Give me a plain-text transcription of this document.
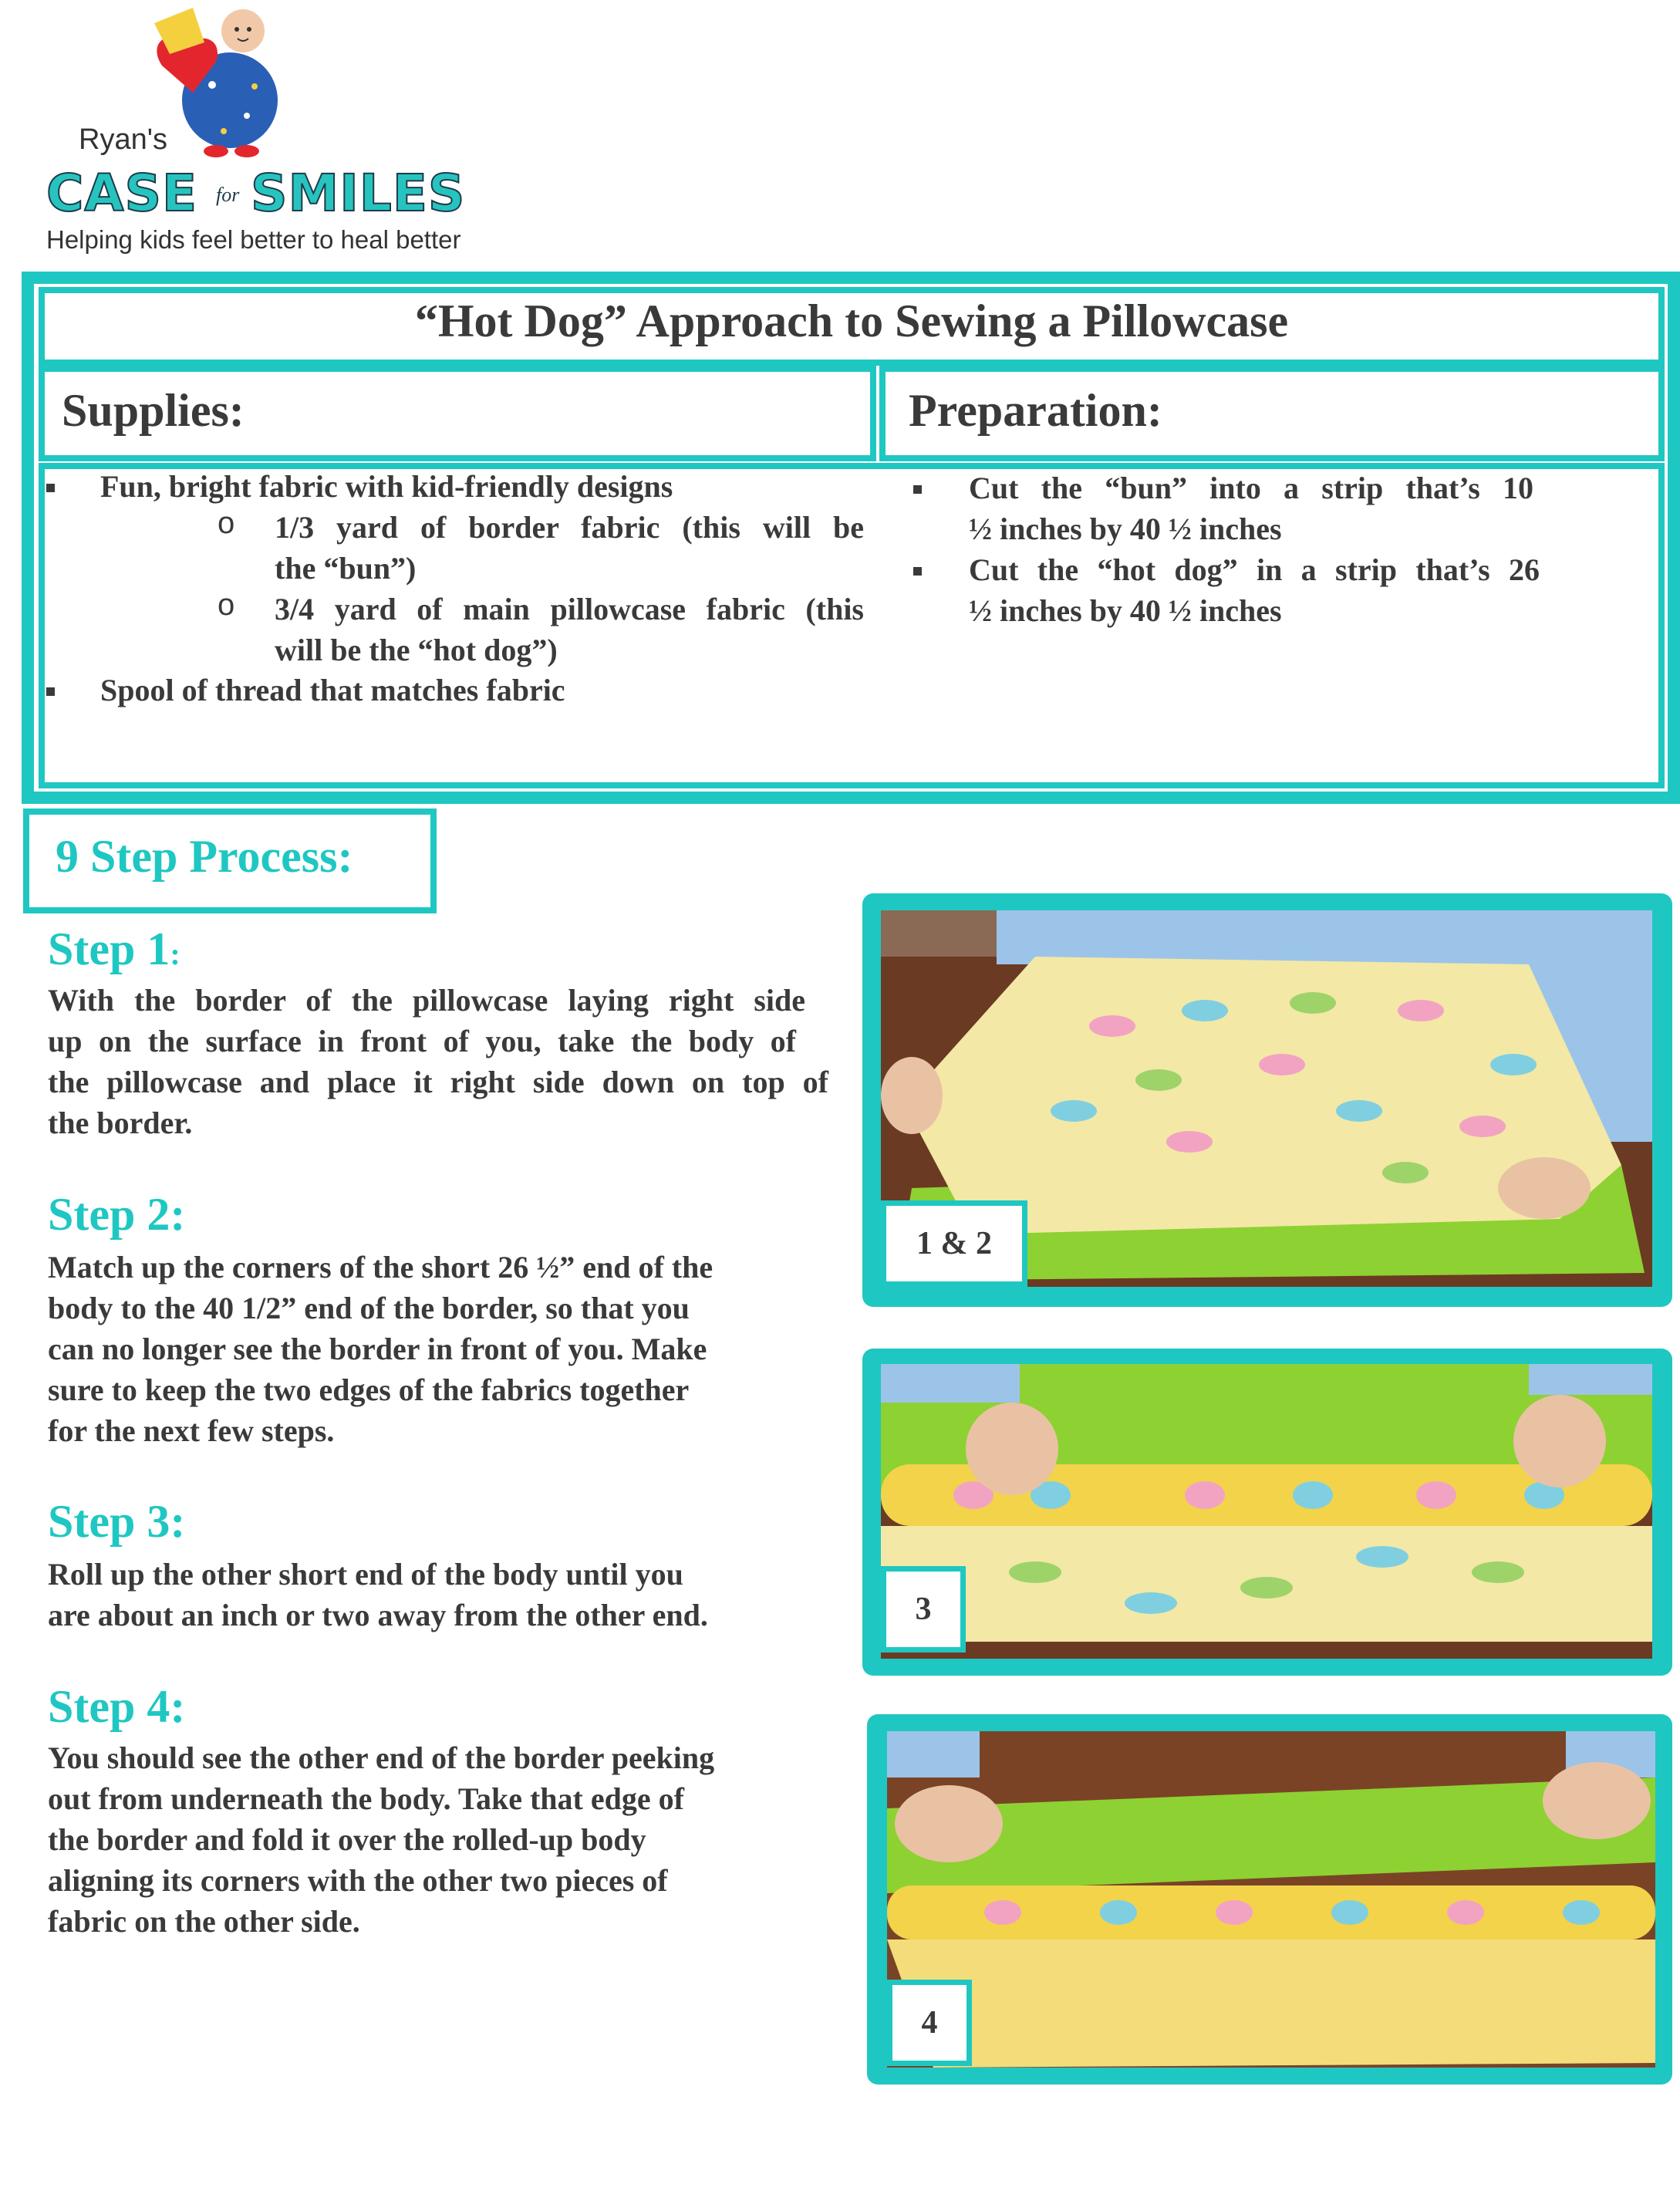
Ryan's
CASE for SMILES
Helping kids feel better to heal better
“Hot Dog” Approach to Sewing a Pillowcase
Supplies:	Preparation:
Fun, bright fabric with kid-friendly designs
o 1/3 yard of border fabric (this will be
the “bun”)
o 3/4 yard of main pillowcase fabric (this
will be the “hot dog”)
Spool of thread that matches fabric
Cut the “bun” into a strip that’s 10
½ inches by 40 ½ inches
Cut the “hot dog” in a strip that’s 26
½ inches by 40 ½ inches
9 Step Process:
Step 1:
With the border of the pillowcase laying right side
up on the surface in front of you, take the body of
the pillowcase and place it right side down on top of
the border.
Step 2:
Match up the corners of the short 26 ½” end of the
body to the 40 1/2” end of the border, so that you
can no longer see the border in front of you. Make
sure to keep the two edges of the fabrics together
for the next few steps.
Step 3:
Roll up the other short end of the body until you
are about an inch or two away from the other end.
Step 4:
You should see the other end of the border peeking
out from underneath the body. Take that edge of
the border and fold it over the rolled-up body
aligning its corners with the other two pieces of
fabric on the other side.
1 & 2
3
4
